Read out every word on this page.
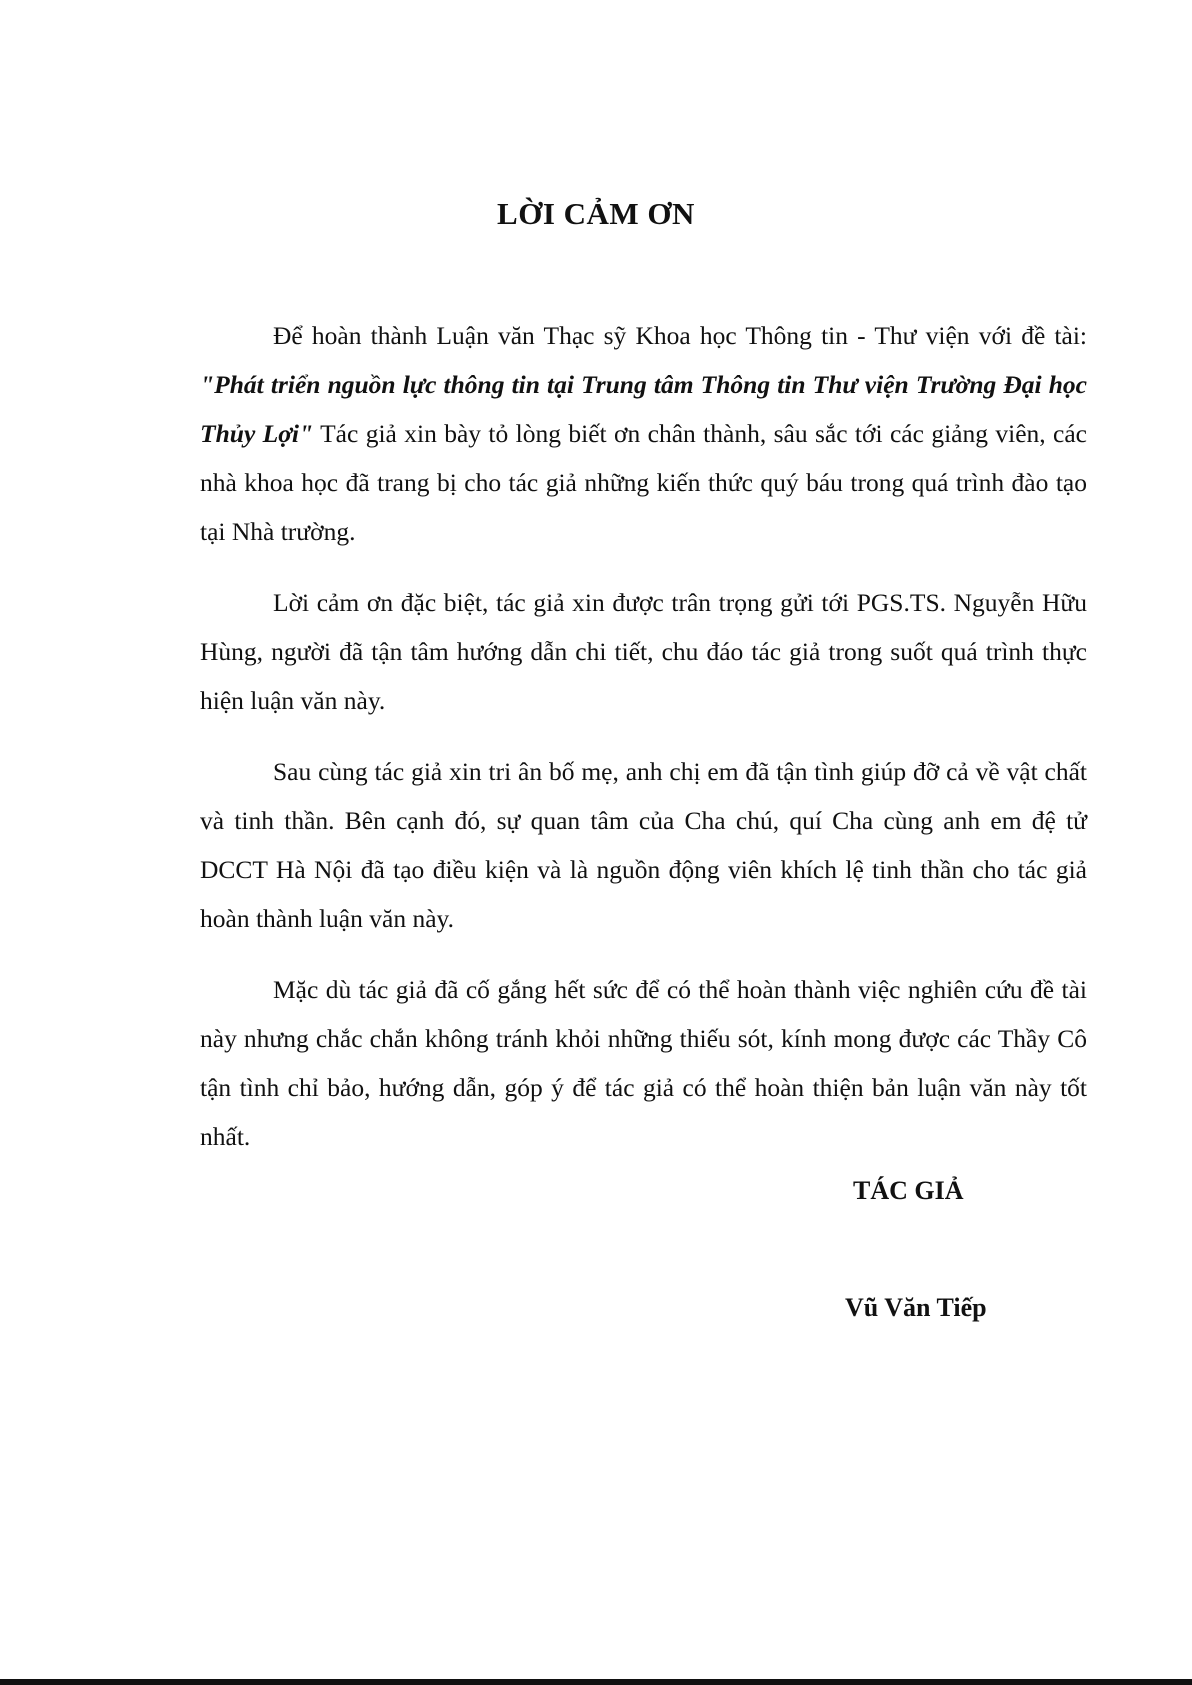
LỜI CẢM ƠN

Để hoàn thành Luận văn Thạc sỹ Khoa học Thông tin - Thư viện với đề tài: "Phát triển nguồn lực thông tin tại Trung tâm Thông tin Thư viện Trường Đại học Thủy Lợi" Tác giả xin bày tỏ lòng biết ơn chân thành, sâu sắc tới các giảng viên, các nhà khoa học đã trang bị cho tác giả những kiến thức quý báu trong quá trình đào tạo tại Nhà trường.

Lời cảm ơn đặc biệt, tác giả xin được trân trọng gửi tới PGS.TS. Nguyễn Hữu Hùng, người đã tận tâm hướng dẫn chi tiết, chu đáo tác giả trong suốt quá trình thực hiện luận văn này.

Sau cùng tác giả xin tri ân bố mẹ, anh chị em đã tận tình giúp đỡ cả về vật chất và tinh thần. Bên cạnh đó, sự quan tâm của Cha chú, quí Cha cùng anh em đệ tử DCCT Hà Nội đã tạo điều kiện và là nguồn động viên khích lệ tinh thần cho tác giả hoàn thành luận văn này.

Mặc dù tác giả đã cố gắng hết sức để có thể hoàn thành việc nghiên cứu đề tài này nhưng chắc chắn không tránh khỏi những thiếu sót, kính mong được các Thầy Cô tận tình chỉ bảo, hướng dẫn, góp ý để tác giả có thể hoàn thiện bản luận văn này tốt nhất.

TÁC GIẢ

Vũ Văn Tiếp
